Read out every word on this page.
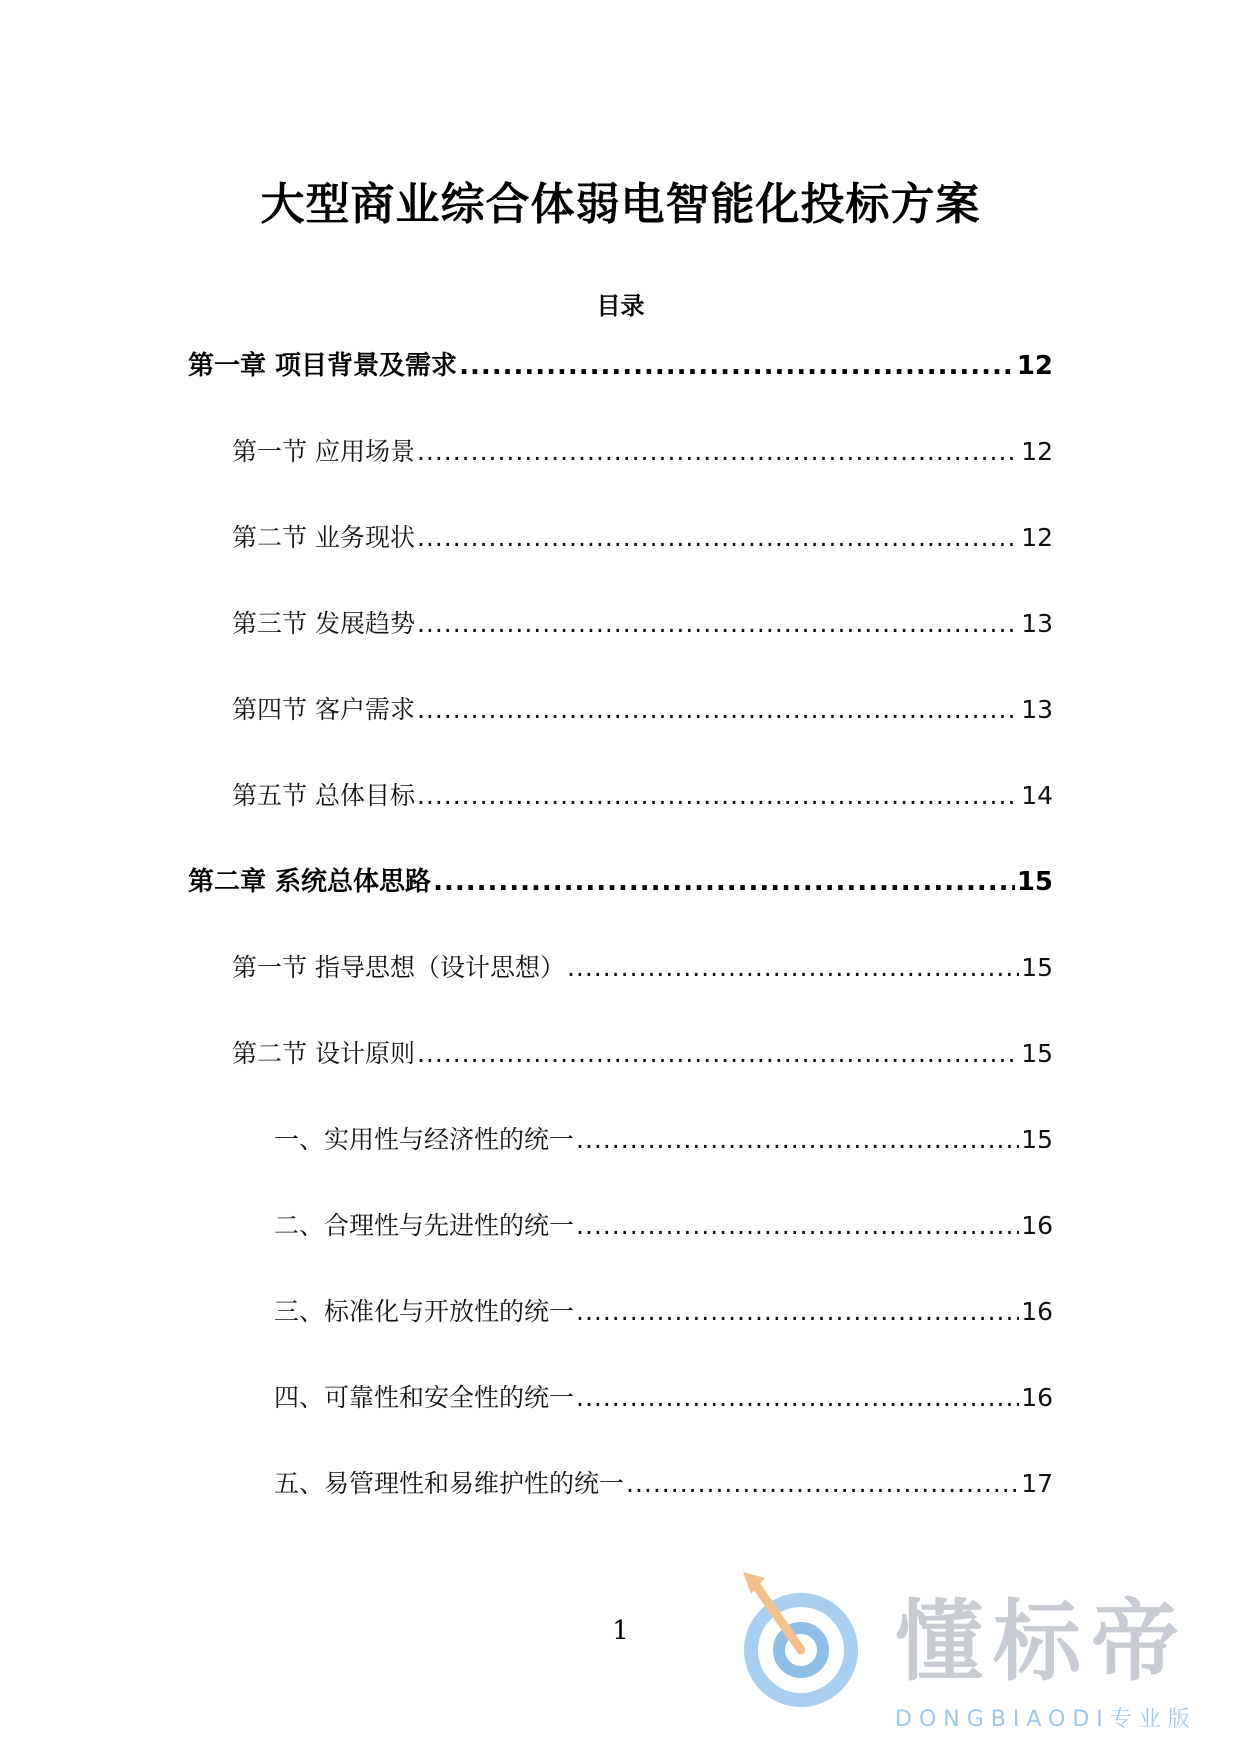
大型商业综合体弱电智能化投标方案
目录
第一章 项目背景及需求 .....	12
第一节 应用场景 .....	12
第二节 业务现状 .....	12
第三节 发展趋势 .....	13
第四节 客户需求 .....	13
第五节 总体目标 .....	14
第二章 系统总体思路 .....	15
第一节 指导思想（设计思想） .....	15
第二节 设计原则 .....	15
一、实用性与经济性的统一 .....	15
二、合理性与先进性的统一 .....	16
三、标准化与开放性的统一 .....	16
四、可靠性和安全性的统一 .....	16
五、易管理性和易维护性的统一 .....	17
1	懂标帝
DONGBIAODI专业版
